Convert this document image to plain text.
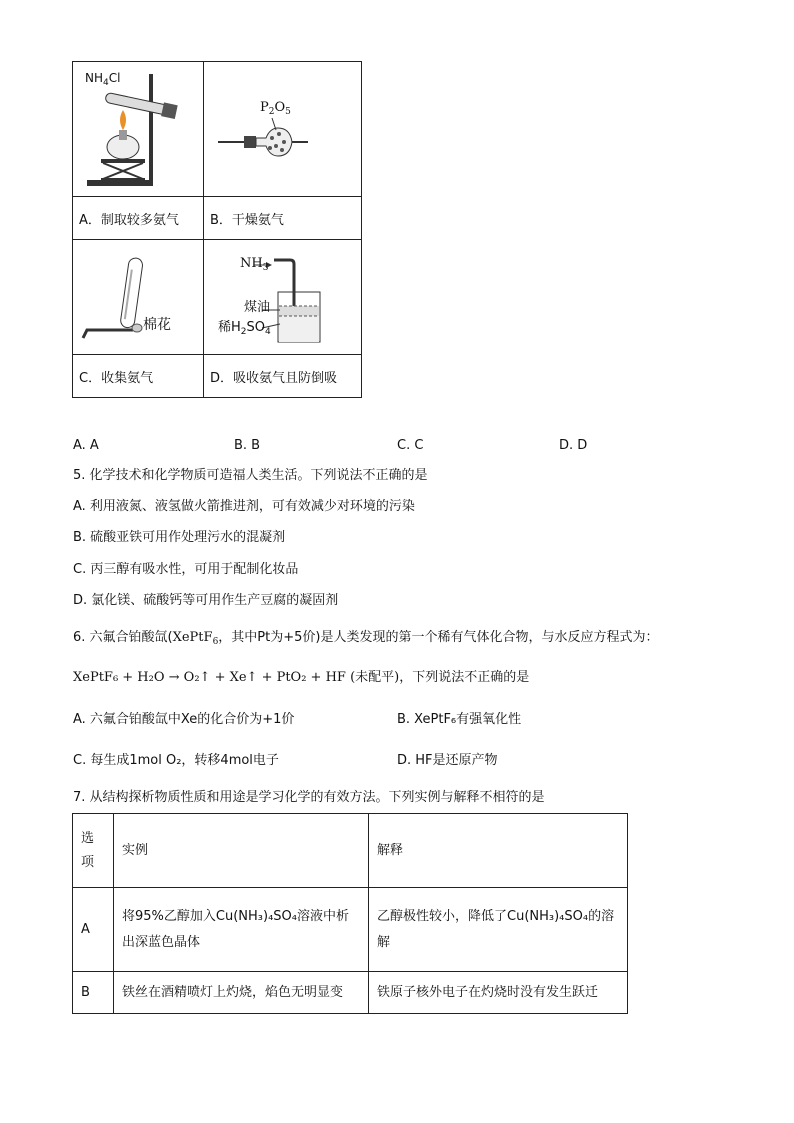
$NH_4Cl$	$P_2O_5$

A．制取较多氨气	B．干燥氨气

棉花	$NH_3$
煤油
稀$H_2SO_4$

C．收集氨气	D．吸收氨气且防倒吸
A. A	B. B	C. C	D. D
5. 化学技术和化学物质可造福人类生活。下列说法不正确的是
A. 利用液氮、液氢做火箭推进剂，可有效减少对环境的污染
B. 硫酸亚铁可用作处理污水的混凝剂
C. 丙三醇有吸水性，可用于配制化妆品
D. 氯化镁、硫酸钙等可用作生产豆腐的凝固剂
6. 六氟合铂酸氙(XePtF$_6$，其中Pt为+5价)是人类发现的第一个稀有气体化合物，与水反应方程式为：
XePtF₆ + H₂O → O₂↑ + Xe↑ + PtO₂ + HF (未配平)，下列说法不正确的是
A. 六氟合铂酸氙中Xe的化合价为+1价	B. XePtF₆有强氧化性
C. 每生成1mol O₂，转移4mol电子	D. HF是还原产物
7. 从结构探析物质性质和用途是学习化学的有效方法。下列实例与解释不相符的是
选项	实例	解释
A	将95%乙醇加入Cu(NH₃)₄SO₄溶液中析出深蓝色晶体	乙醇极性较小，降低了Cu(NH₃)₄SO₄的溶解
B	铁丝在酒精喷灯上灼烧，焰色无明显变	铁原子核外电子在灼烧时没有发生跃迁
